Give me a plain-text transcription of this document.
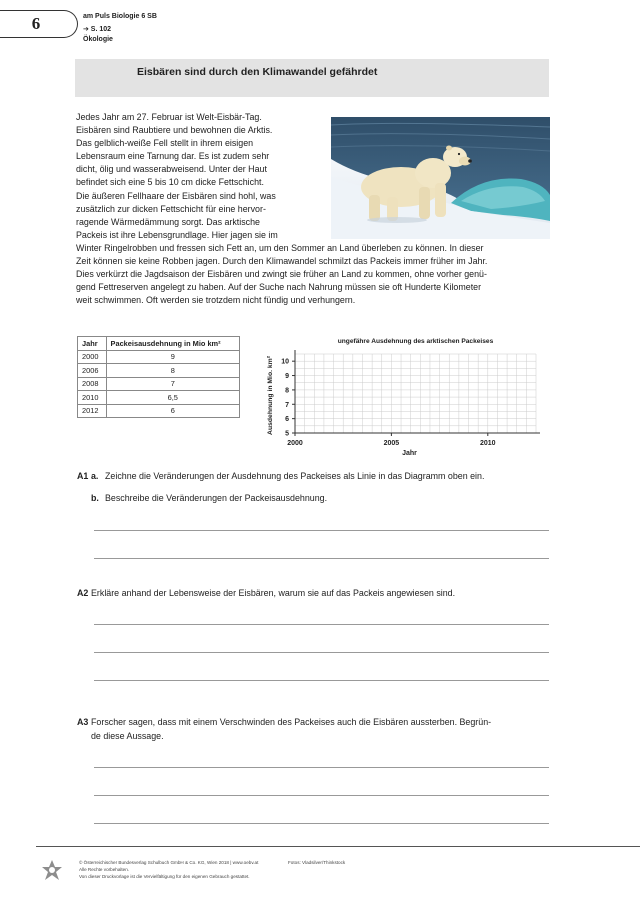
6	am Puls Biologie 6 SB
➔ S. 102
Ökologie
Eisbären sind durch den Klimawandel gefährdet
Jedes Jahr am 27. Februar ist Welt-Eisbär-Tag.
Eisbären sind Raubtiere und bewohnen die Arktis.
Das gelblich-weiße Fell stellt in ihrem eisigen
Lebensraum eine Tarnung dar. Es ist zudem sehr
dicht, ölig und wasserabweisend. Unter der Haut
befindet sich eine 5 bis 10 cm dicke Fettschicht.
Die äußeren Fellhaare der Eisbären sind hohl, was
zusätzlich zur dicken Fettschicht für eine hervor-
ragende Wärmedämmung sorgt. Das arktische
Packeis ist ihre Lebensgrundlage. Hier jagen sie im
Winter Ringelrobben und fressen sich Fett an, um den Sommer an Land überleben zu können. In dieser
Zeit können sie keine Robben jagen. Durch den Klimawandel schmilzt das Packeis immer früher im Jahr.
Dies verkürzt die Jagdsaison der Eisbären und zwingt sie früher an Land zu kommen, ohne vorher genü-
gend Fettreserven angelegt zu haben. Auf der Suche nach Nahrung müssen sie oft Hunderte Kilometer
weit schwimmen. Oft werden sie trotzdem nicht fündig und verhungern.
Jahr	Packeisausdehnung in Mio km²
2000	9
2006	8
2008	7
2010	6,5
2012	6
2000	2005	2010
5
6
7
8
9
10
ungefähre Ausdehnung des arktischen Packeises
Jahr
Ausdehnung in Mio. km²
A1 a. Zeichne die Veränderungen der Ausdehnung des Packeises als Linie in das Diagramm oben ein.
b. Beschreibe die Veränderungen der Packeisausdehnung.
A2 Erkläre anhand der Lebensweise der Eisbären, warum sie auf das Packeis angewiesen sind.
A3 Forscher sagen, dass mit einem Verschwinden des Packeises auch die Eisbären aussterben. Begrün-
de diese Aussage.
© Österreichischer Bundesverlag Schulbuch GmbH & Co. KG, Wien 2018 | www.oebv.at
Alle Rechte vorbehalten.
Von dieser Druckvorlage ist die Vervielfältigung für den eigenen Gebrauch gestattet.
Fotos: Vladsilver/Thinkstock
